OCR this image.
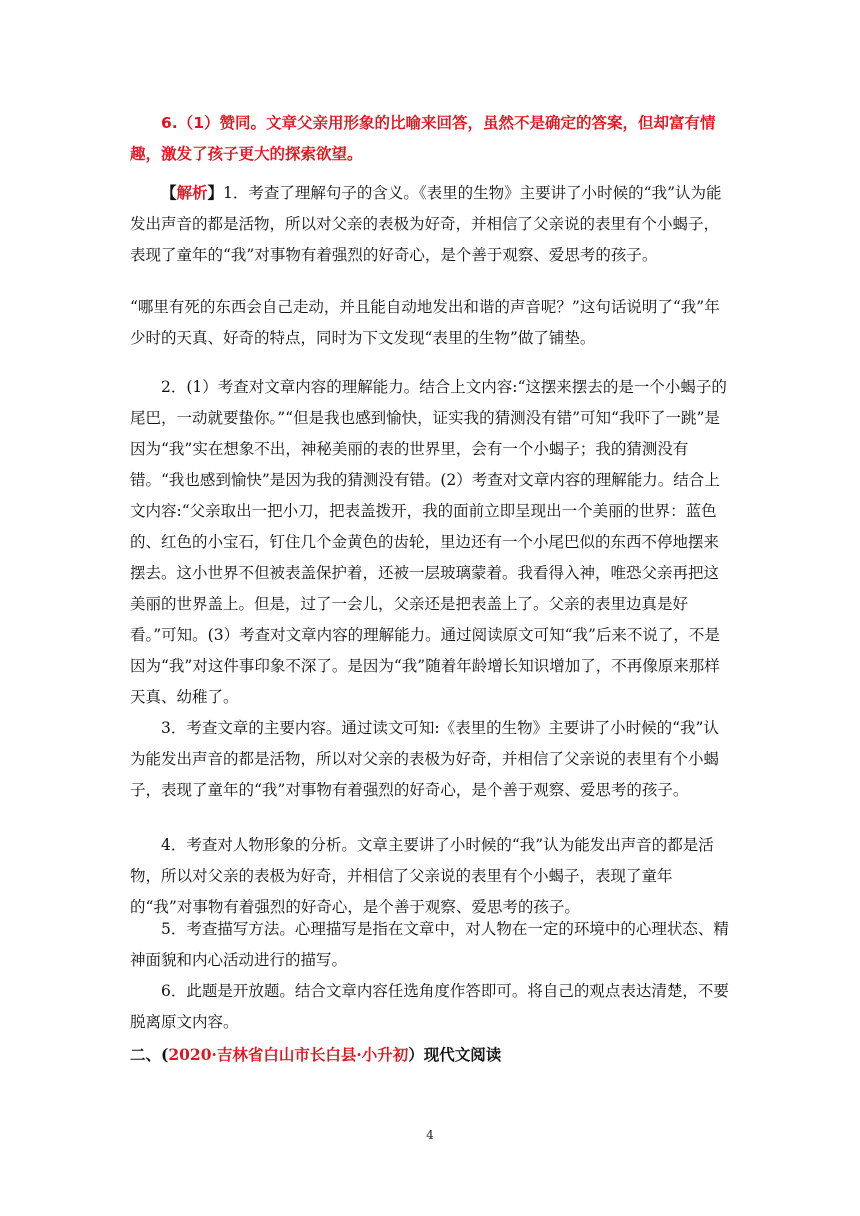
6.（1）赞同。文章父亲用形象的比喻来回答，虽然不是确定的答案，但却富有情趣，激发了孩子更大的探索欲望。

【解析】1．考查了理解句子的含义。《表里的生物》主要讲了小时候的“我”认为能发出声音的都是活物，所以对父亲的表极为好奇，并相信了父亲说的表里有个小蝎子，表现了童年的“我”对事物有着强烈的好奇心，是个善于观察、爱思考的孩子。

“哪里有死的东西会自己走动，并且能自动地发出和谐的声音呢？”这句话说明了“我”年少时的天真、好奇的特点，同时为下文发现“表里的生物”做了铺垫。

2．(1）考查对文章内容的理解能力。结合上文内容:“这摆来摆去的是一个小蝎子的尾巴，一动就要蛰你。”“但是我也感到愉快，证实我的猜测没有错”可知“我吓了一跳”是因为“我”实在想象不出，神秘美丽的表的世界里，会有一个小蝎子；我的猜测没有错。“我也感到愉快”是因为我的猜测没有错。(2）考查对文章内容的理解能力。结合上文内容:“父亲取出一把小刀，把表盖拨开，我的面前立即呈现出一个美丽的世界：蓝色的、红色的小宝石，钉住几个金黄色的齿轮，里边还有一个小尾巴似的东西不停地摆来摆去。这小世界不但被表盖保护着，还被一层玻璃蒙着。我看得入神，唯恐父亲再把这美丽的世界盖上。但是，过了一会儿，父亲还是把表盖上了。父亲的表里边真是好看。”可知。(3）考查对文章内容的理解能力。通过阅读原文可知“我”后来不说了，不是因为“我”对这件事印象不深了。是因为“我”随着年龄增长知识增加了，不再像原来那样天真、幼稚了。

3．考查文章的主要内容。通过读文可知:《表里的生物》主要讲了小时候的“我”认为能发出声音的都是活物，所以对父亲的表极为好奇，并相信了父亲说的表里有个小蝎子，表现了童年的“我”对事物有着强烈的好奇心，是个善于观察、爱思考的孩子。

4．考查对人物形象的分析。文章主要讲了小时候的“我”认为能发出声音的都是活物，所以对父亲的表极为好奇，并相信了父亲说的表里有个小蝎子，表现了童年的“我”对事物有着强烈的好奇心，是个善于观察、爱思考的孩子。

5．考查描写方法。心理描写是指在文章中，对人物在一定的环境中的心理状态、精神面貌和内心活动进行的描写。

6．此题是开放题。结合文章内容任选角度作答即可。将自己的观点表达清楚，不要脱离原文内容。

二、(2020·吉林省白山市长白县·小升初）现代文阅读

4
